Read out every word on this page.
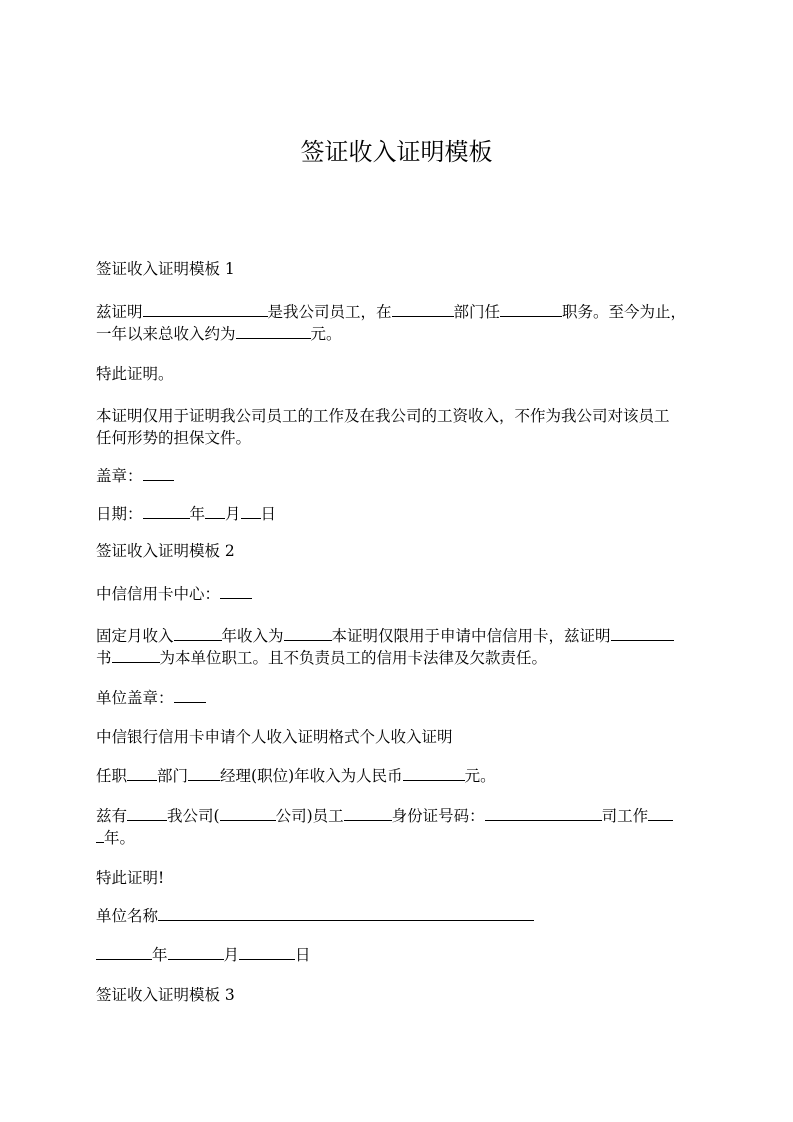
签证收入证明模板
签证收入证明模板 1
兹证明	是我公司员工，在	部门任	职务。至今为止，
一年以来总收入约为	元。
特此证明。
本证明仅用于证明我公司员工的工作及在我公司的工资收入，不作为我公司对该员工
任何形势的担保文件。
盖章：
日期：	年 月 日
签证收入证明模板 2
中信信用卡中心：
固定月收入	年收入为	本证明仅限用于申请中信信用卡，兹证明
书	为本单位职工。且不负责员工的信用卡法律及欠款责任。
单位盖章：
中信银行信用卡申请个人收入证明格式个人收入证明
任职 部门 经理(职位)年收入为人民币	元。
兹有	我公司(	公司)员工	身份证号码：	司工作
年。
特此证明!
单位名称
年	月	日
签证收入证明模板 3
